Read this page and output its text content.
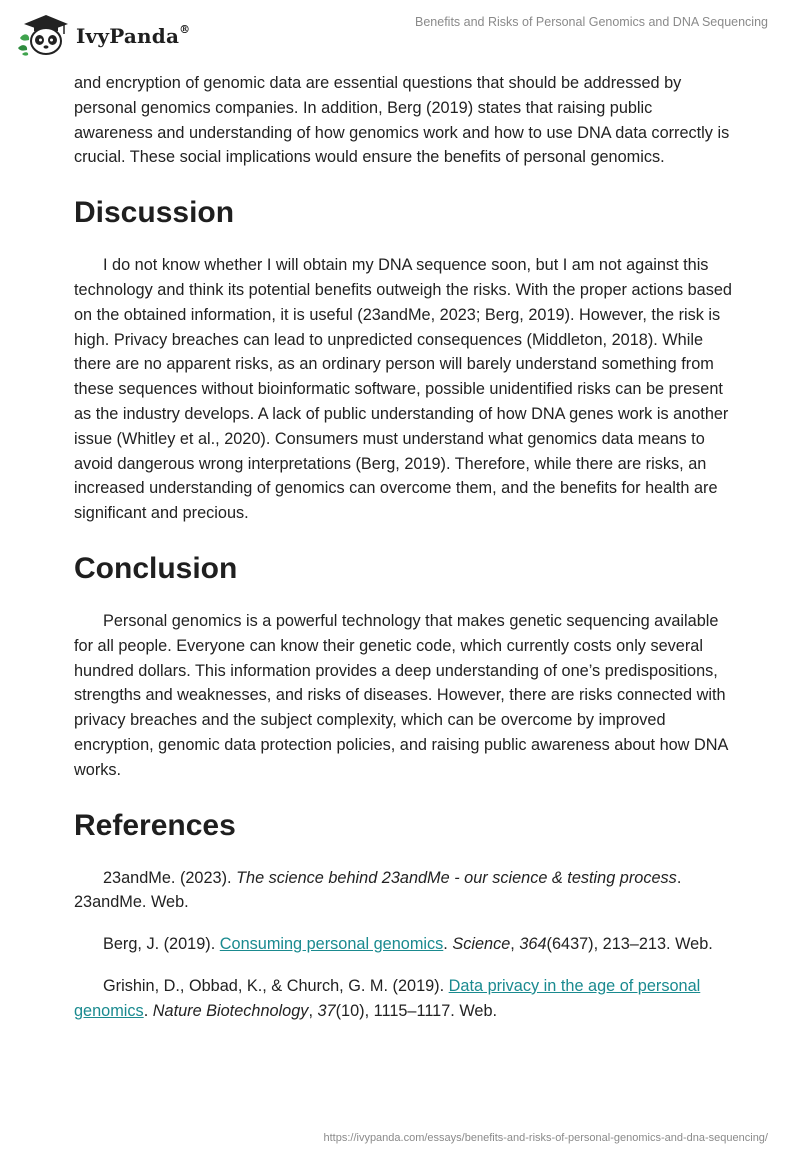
IvyPanda®
Benefits and Risks of Personal Genomics and DNA Sequencing

and encryption of genomic data are essential questions that should be addressed by personal genomics companies. In addition, Berg (2019) states that raising public awareness and understanding of how genomics work and how to use DNA data correctly is crucial. These social implications would ensure the benefits of personal genomics.

Discussion

I do not know whether I will obtain my DNA sequence soon, but I am not against this technology and think its potential benefits outweigh the risks. With the proper actions based on the obtained information, it is useful (23andMe, 2023; Berg, 2019). However, the risk is high. Privacy breaches can lead to unpredicted consequences (Middleton, 2018). While there are no apparent risks, as an ordinary person will barely understand something from these sequences without bioinformatic software, possible unidentified risks can be present as the industry develops. A lack of public understanding of how DNA genes work is another issue (Whitley et al., 2020). Consumers must understand what genomics data means to avoid dangerous wrong interpretations (Berg, 2019). Therefore, while there are risks, an increased understanding of genomics can overcome them, and the benefits for health are significant and precious.

Conclusion

Personal genomics is a powerful technology that makes genetic sequencing available for all people. Everyone can know their genetic code, which currently costs only several hundred dollars. This information provides a deep understanding of one’s predispositions, strengths and weaknesses, and risks of diseases. However, there are risks connected with privacy breaches and the subject complexity, which can be overcome by improved encryption, genomic data protection policies, and raising public awareness about how DNA works.

References

23andMe. (2023). The science behind 23andMe - our science & testing process. 23andMe. Web.

Berg, J. (2019). Consuming personal genomics. Science, 364(6437), 213–213. Web.

Grishin, D., Obbad, K., & Church, G. M. (2019). Data privacy in the age of personal genomics. Nature Biotechnology, 37(10), 1115–1117. Web.

https://ivypanda.com/essays/benefits-and-risks-of-personal-genomics-and-dna-sequencing/
